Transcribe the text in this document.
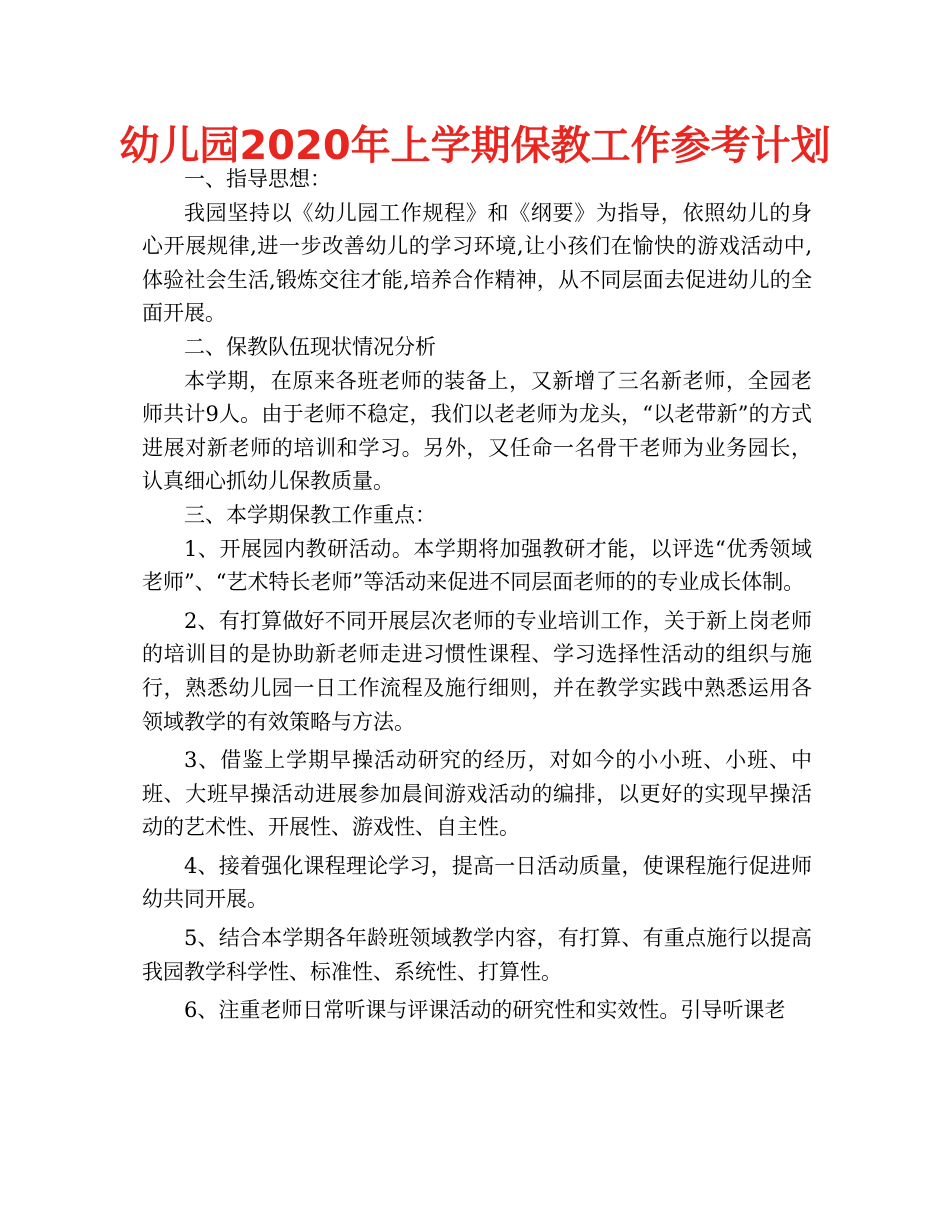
幼儿园2020年上学期保教工作参考计划

一、指导思想：

我园坚持以《幼儿园工作规程》和《纲要》为指导，依照幼儿的身心开展规律,进一步改善幼儿的学习环境,让小孩们在愉快的游戏活动中,体验社会生活,锻炼交往才能,培养合作精神，从不同层面去促进幼儿的全面开展。

二、保教队伍现状情况分析

本学期，在原来各班老师的装备上，又新增了三名新老师，全园老师共计9人。由于老师不稳定，我们以老老师为龙头，“以老带新”的方式进展对新老师的培训和学习。另外，又任命一名骨干老师为业务园长，认真细心抓幼儿保教质量。

三、本学期保教工作重点：

1、开展园内教研活动。本学期将加强教研才能，以评选“优秀领域老师”、“艺术特长老师”等活动来促进不同层面老师的的专业成长体制。

2、有打算做好不同开展层次老师的专业培训工作，关于新上岗老师的培训目的是协助新老师走进习惯性课程、学习选择性活动的组织与施行，熟悉幼儿园一日工作流程及施行细则，并在教学实践中熟悉运用各领域教学的有效策略与方法。

3、借鉴上学期早操活动研究的经历，对如今的小小班、小班、中班、大班早操活动进展参加晨间游戏活动的编排，以更好的实现早操活动的艺术性、开展性、游戏性、自主性。

4、接着强化课程理论学习，提高一日活动质量，使课程施行促进师幼共同开展。

5、结合本学期各年龄班领域教学内容，有打算、有重点施行以提高我园教学科学性、标准性、系统性、打算性。

6、注重老师日常听课与评课活动的研究性和实效性。引导听课老
